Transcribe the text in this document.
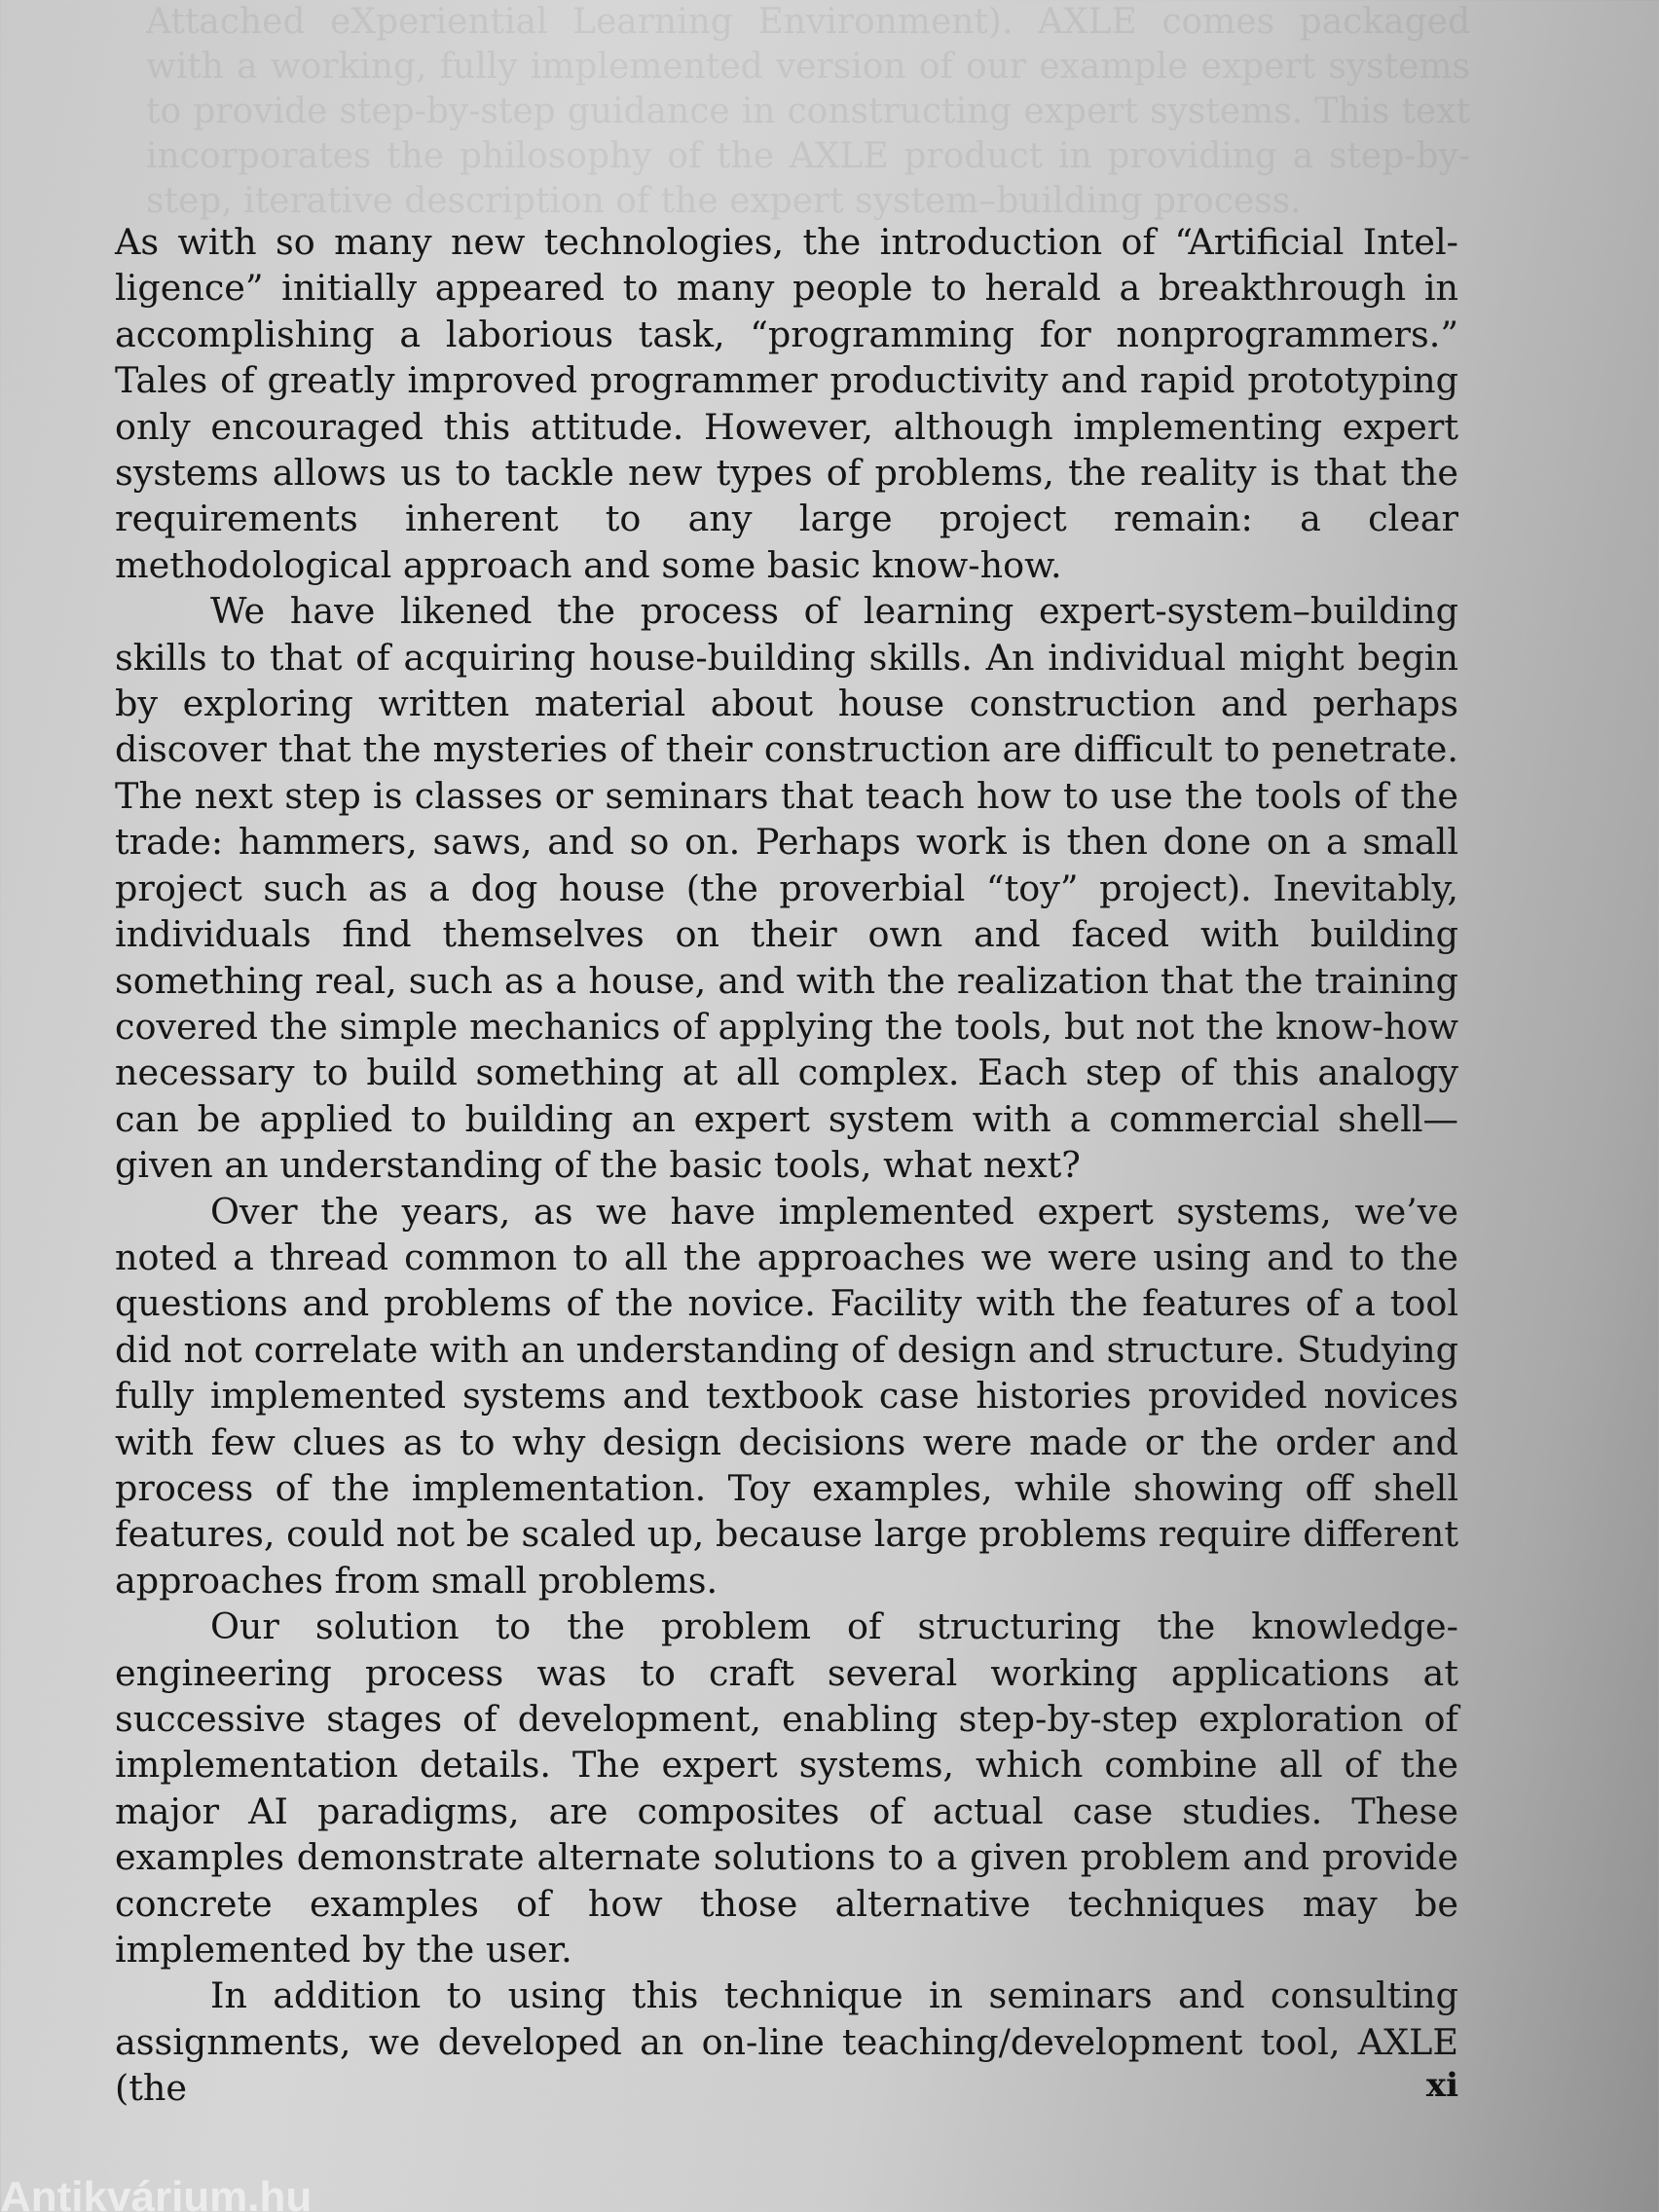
Attached eXperiential Learning Environment). AXLE comes packaged with a working, fully implemented version of our example expert systems to provide step-by-step guidance in constructing expert systems. This text incorporates the philosophy of the AXLE product in providing a step-by-step, iterative description of the expert system–building process.

As with so many new technologies, the introduction of “Artificial Intelligence” initially appeared to many people to herald a breakthrough in accomplishing a laborious task, “programming for nonprogrammers.” Tales of greatly improved programmer productivity and rapid prototyping only encouraged this attitude. However, although implementing expert systems allows us to tackle new types of problems, the reality is that the requirements inherent to any large project remain: a clear methodological approach and some basic know-how.

We have likened the process of learning expert-system–building skills to that of acquiring house-building skills. An individual might begin by exploring written material about house construction and perhaps discover that the mysteries of their construction are difficult to penetrate. The next step is classes or seminars that teach how to use the tools of the trade: hammers, saws, and so on. Perhaps work is then done on a small project such as a dog house (the proverbial “toy” project). Inevitably, individuals find themselves on their own and faced with building something real, such as a house, and with the realization that the training covered the simple mechanics of applying the tools, but not the know-how necessary to build something at all complex. Each step of this analogy can be applied to building an expert system with a commercial shell—given an understanding of the basic tools, what next?

Over the years, as we have implemented expert systems, we’ve noted a thread common to all the approaches we were using and to the questions and problems of the novice. Facility with the features of a tool did not correlate with an understanding of design and structure. Studying fully implemented systems and textbook case histories provided novices with few clues as to why design decisions were made or the order and process of the implementation. Toy examples, while showing off shell features, could not be scaled up, because large problems require different approaches from small problems.

Our solution to the problem of structuring the knowledge-engineering process was to craft several working applications at successive stages of development, enabling step-by-step exploration of implementation details. The expert systems, which combine all of the major AI paradigms, are composites of actual case studies. These examples demonstrate alternate solutions to a given problem and provide concrete examples of how those alternative techniques may be implemented by the user.

In addition to using this technique in seminars and consulting assignments, we developed an on-line teaching/development tool, AXLE (the	xi
Antikvárium.hu
